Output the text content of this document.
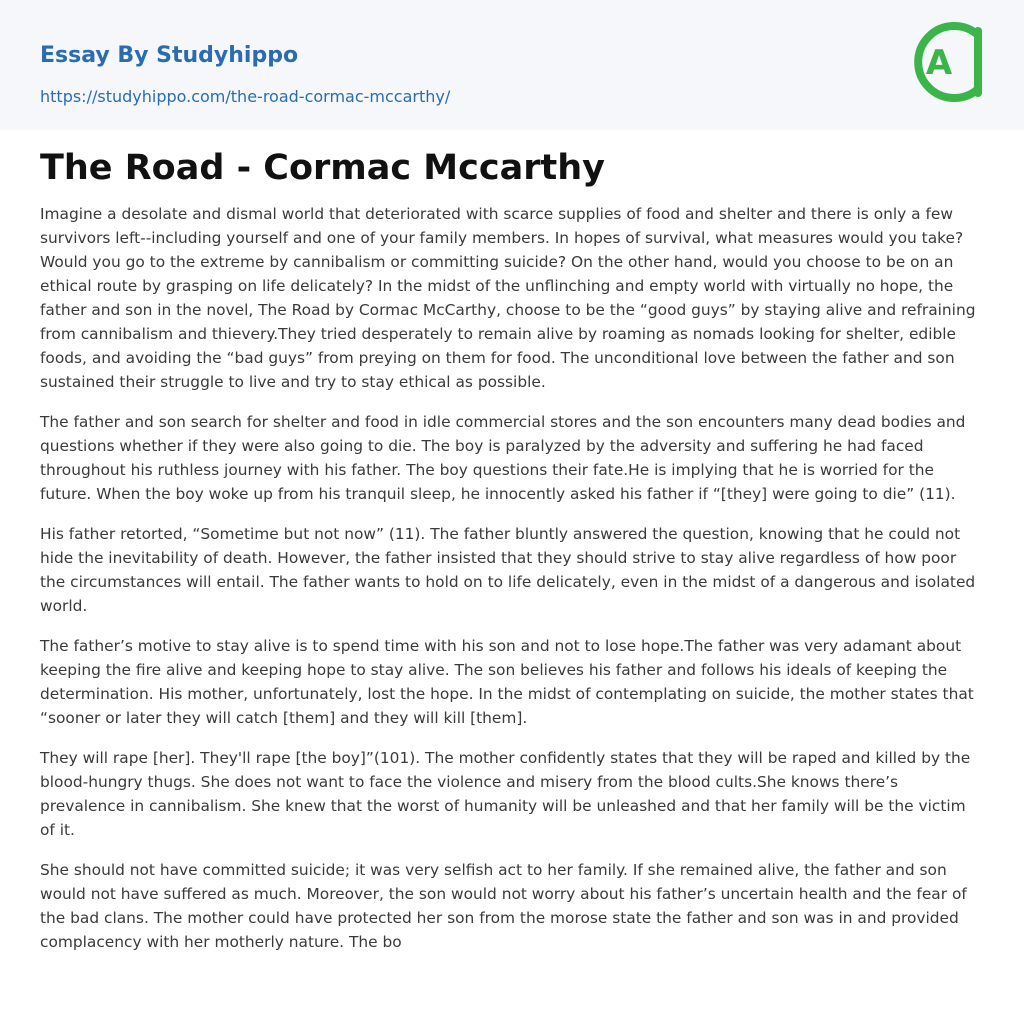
Essay By Studyhippo
https://studyhippo.com/the-road-cormac-mccarthy/
A
The Road - Cormac Mccarthy

Imagine a desolate and dismal world that deteriorated with scarce supplies of food and shelter and there is only a few survivors left--including yourself and one of your family members. In hopes of survival, what measures would you take? Would you go to the extreme by cannibalism or committing suicide? On the other hand, would you choose to be on an ethical route by grasping on life delicately? In the midst of the unflinching and empty world with virtually no hope, the father and son in the novel, The Road by Cormac McCarthy, choose to be the “good guys” by staying alive and refraining from cannibalism and thievery.They tried desperately to remain alive by roaming as nomads looking for shelter, edible foods, and avoiding the “bad guys” from preying on them for food. The unconditional love between the father and son sustained their struggle to live and try to stay ethical as possible.

The father and son search for shelter and food in idle commercial stores and the son encounters many dead bodies and questions whether if they were also going to die. The boy is paralyzed by the adversity and suffering he had faced throughout his ruthless journey with his father. The boy questions their fate.He is implying that he is worried for the future. When the boy woke up from his tranquil sleep, he innocently asked his father if “[they] were going to die” (11).

His father retorted, “Sometime but not now” (11). The father bluntly answered the question, knowing that he could not hide the inevitability of death. However, the father insisted that they should strive to stay alive regardless of how poor the circumstances will entail. The father wants to hold on to life delicately, even in the midst of a dangerous and isolated world.

The father’s motive to stay alive is to spend time with his son and not to lose hope.The father was very adamant about keeping the fire alive and keeping hope to stay alive. The son believes his father and follows his ideals of keeping the determination. His mother, unfortunately, lost the hope. In the midst of contemplating on suicide, the mother states that “sooner or later they will catch [them] and they will kill [them].

They will rape [her]. They'll rape [the boy]”(101). The mother confidently states that they will be raped and killed by the blood-hungry thugs. She does not want to face the violence and misery from the blood cults.She knows there’s prevalence in cannibalism. She knew that the worst of humanity will be unleashed and that her family will be the victim of it.

She should not have committed suicide; it was very selfish act to her family. If she remained alive, the father and son would not have suffered as much. Moreover, the son would not worry about his father’s uncertain health and the fear of the bad clans. The mother could have protected her son from the morose state the father and son was in and provided complacency with her motherly nature. The bo
